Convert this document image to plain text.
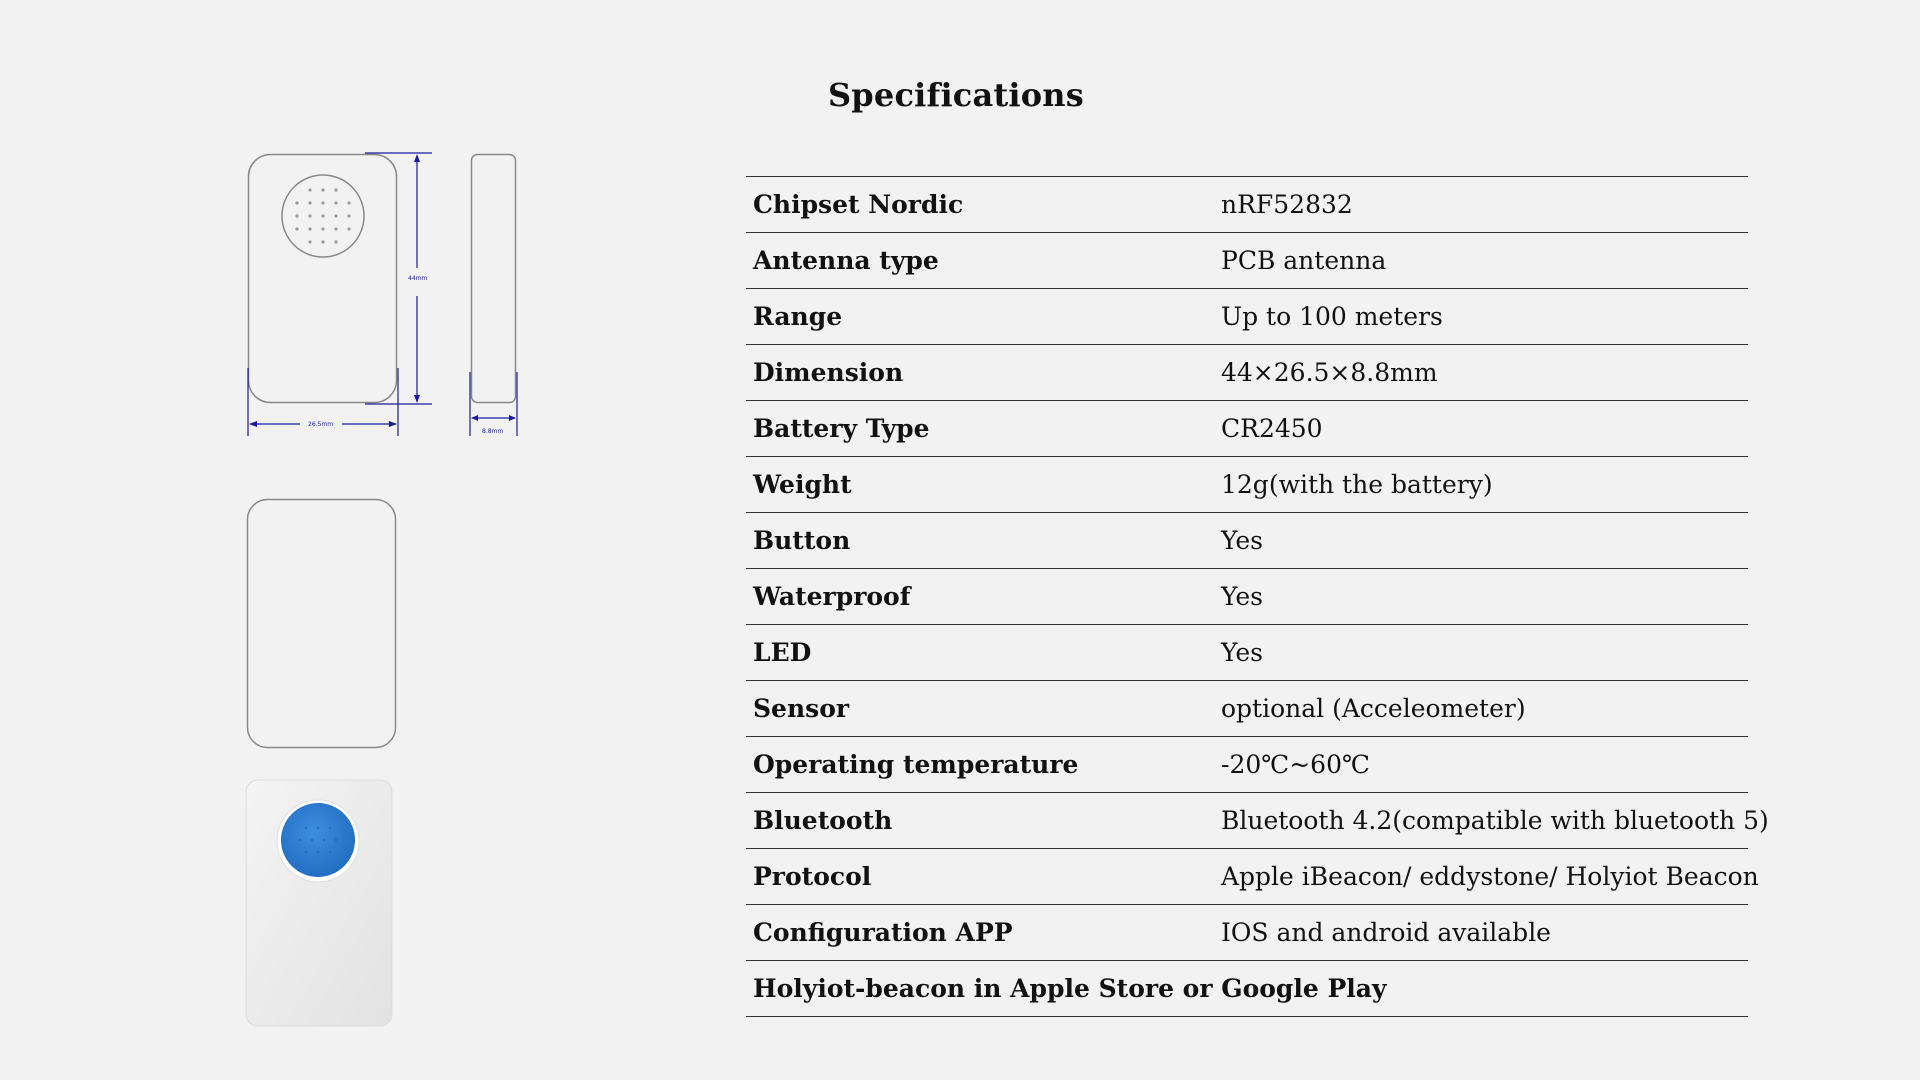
Specifications
44mm
26.5mm
8.8mm
Chipset Nordic	nRF52832
Antenna type	PCB antenna
Range	Up to 100 meters
Dimension	44×26.5×8.8mm
Battery Type	CR2450
Weight	12g(with the battery)
Button	Yes
Waterproof	Yes
LED	Yes
Sensor	optional (Acceleometer)
Operating temperature	-20℃~60℃
Bluetooth	Bluetooth 4.2(compatible with bluetooth 5)
Protocol	Apple iBeacon/ eddystone/ Holyiot Beacon
Configuration APP	IOS and android available
Holyiot-beacon in Apple Store or Google Play
